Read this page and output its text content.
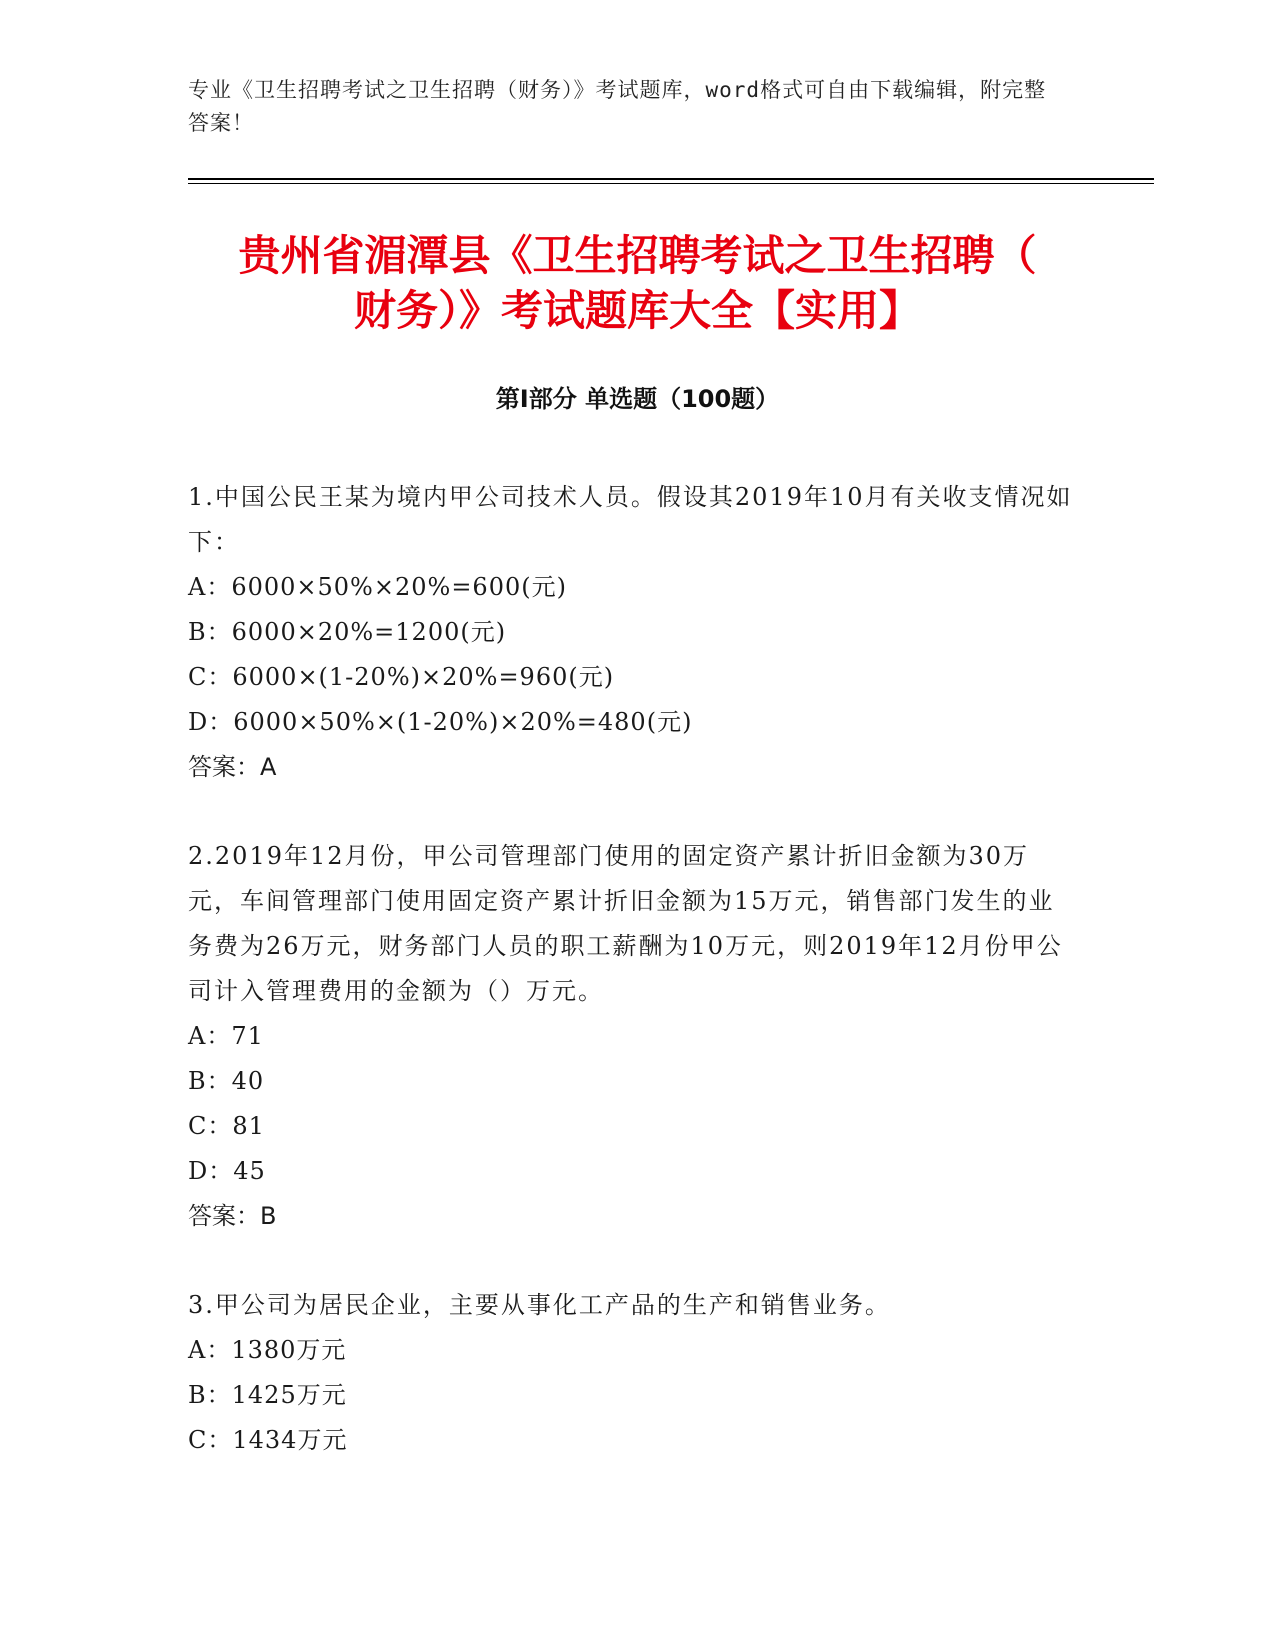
专业《卫生招聘考试之卫生招聘（财务）》考试题库，word格式可自由下载编辑，附完整答案！
贵州省湄潭县《卫生招聘考试之卫生招聘（
财务）》考试题库大全【实用】
第Ⅰ部分 单选题（100题）

1.中国公民王某为境内甲公司技术人员。假设其2019年10月有关收支情况如下：

A：6000×50%×20%=600(元)

B：6000×20%=1200(元)

C：6000×(1-20%)×20%=960(元)

D：6000×50%×(1-20%)×20%=480(元)

答案：A

2.2019年12月份，甲公司管理部门使用的固定资产累计折旧金额为30万元，车间管理部门使用固定资产累计折旧金额为15万元，销售部门发生的业务费为26万元，财务部门人员的职工薪酬为10万元，则2019年12月份甲公司计入管理费用的金额为（）万元。

A：71

B：40

C：81

D：45

答案：B

3.甲公司为居民企业，主要从事化工产品的生产和销售业务。

A：1380万元

B：1425万元

C：1434万元
